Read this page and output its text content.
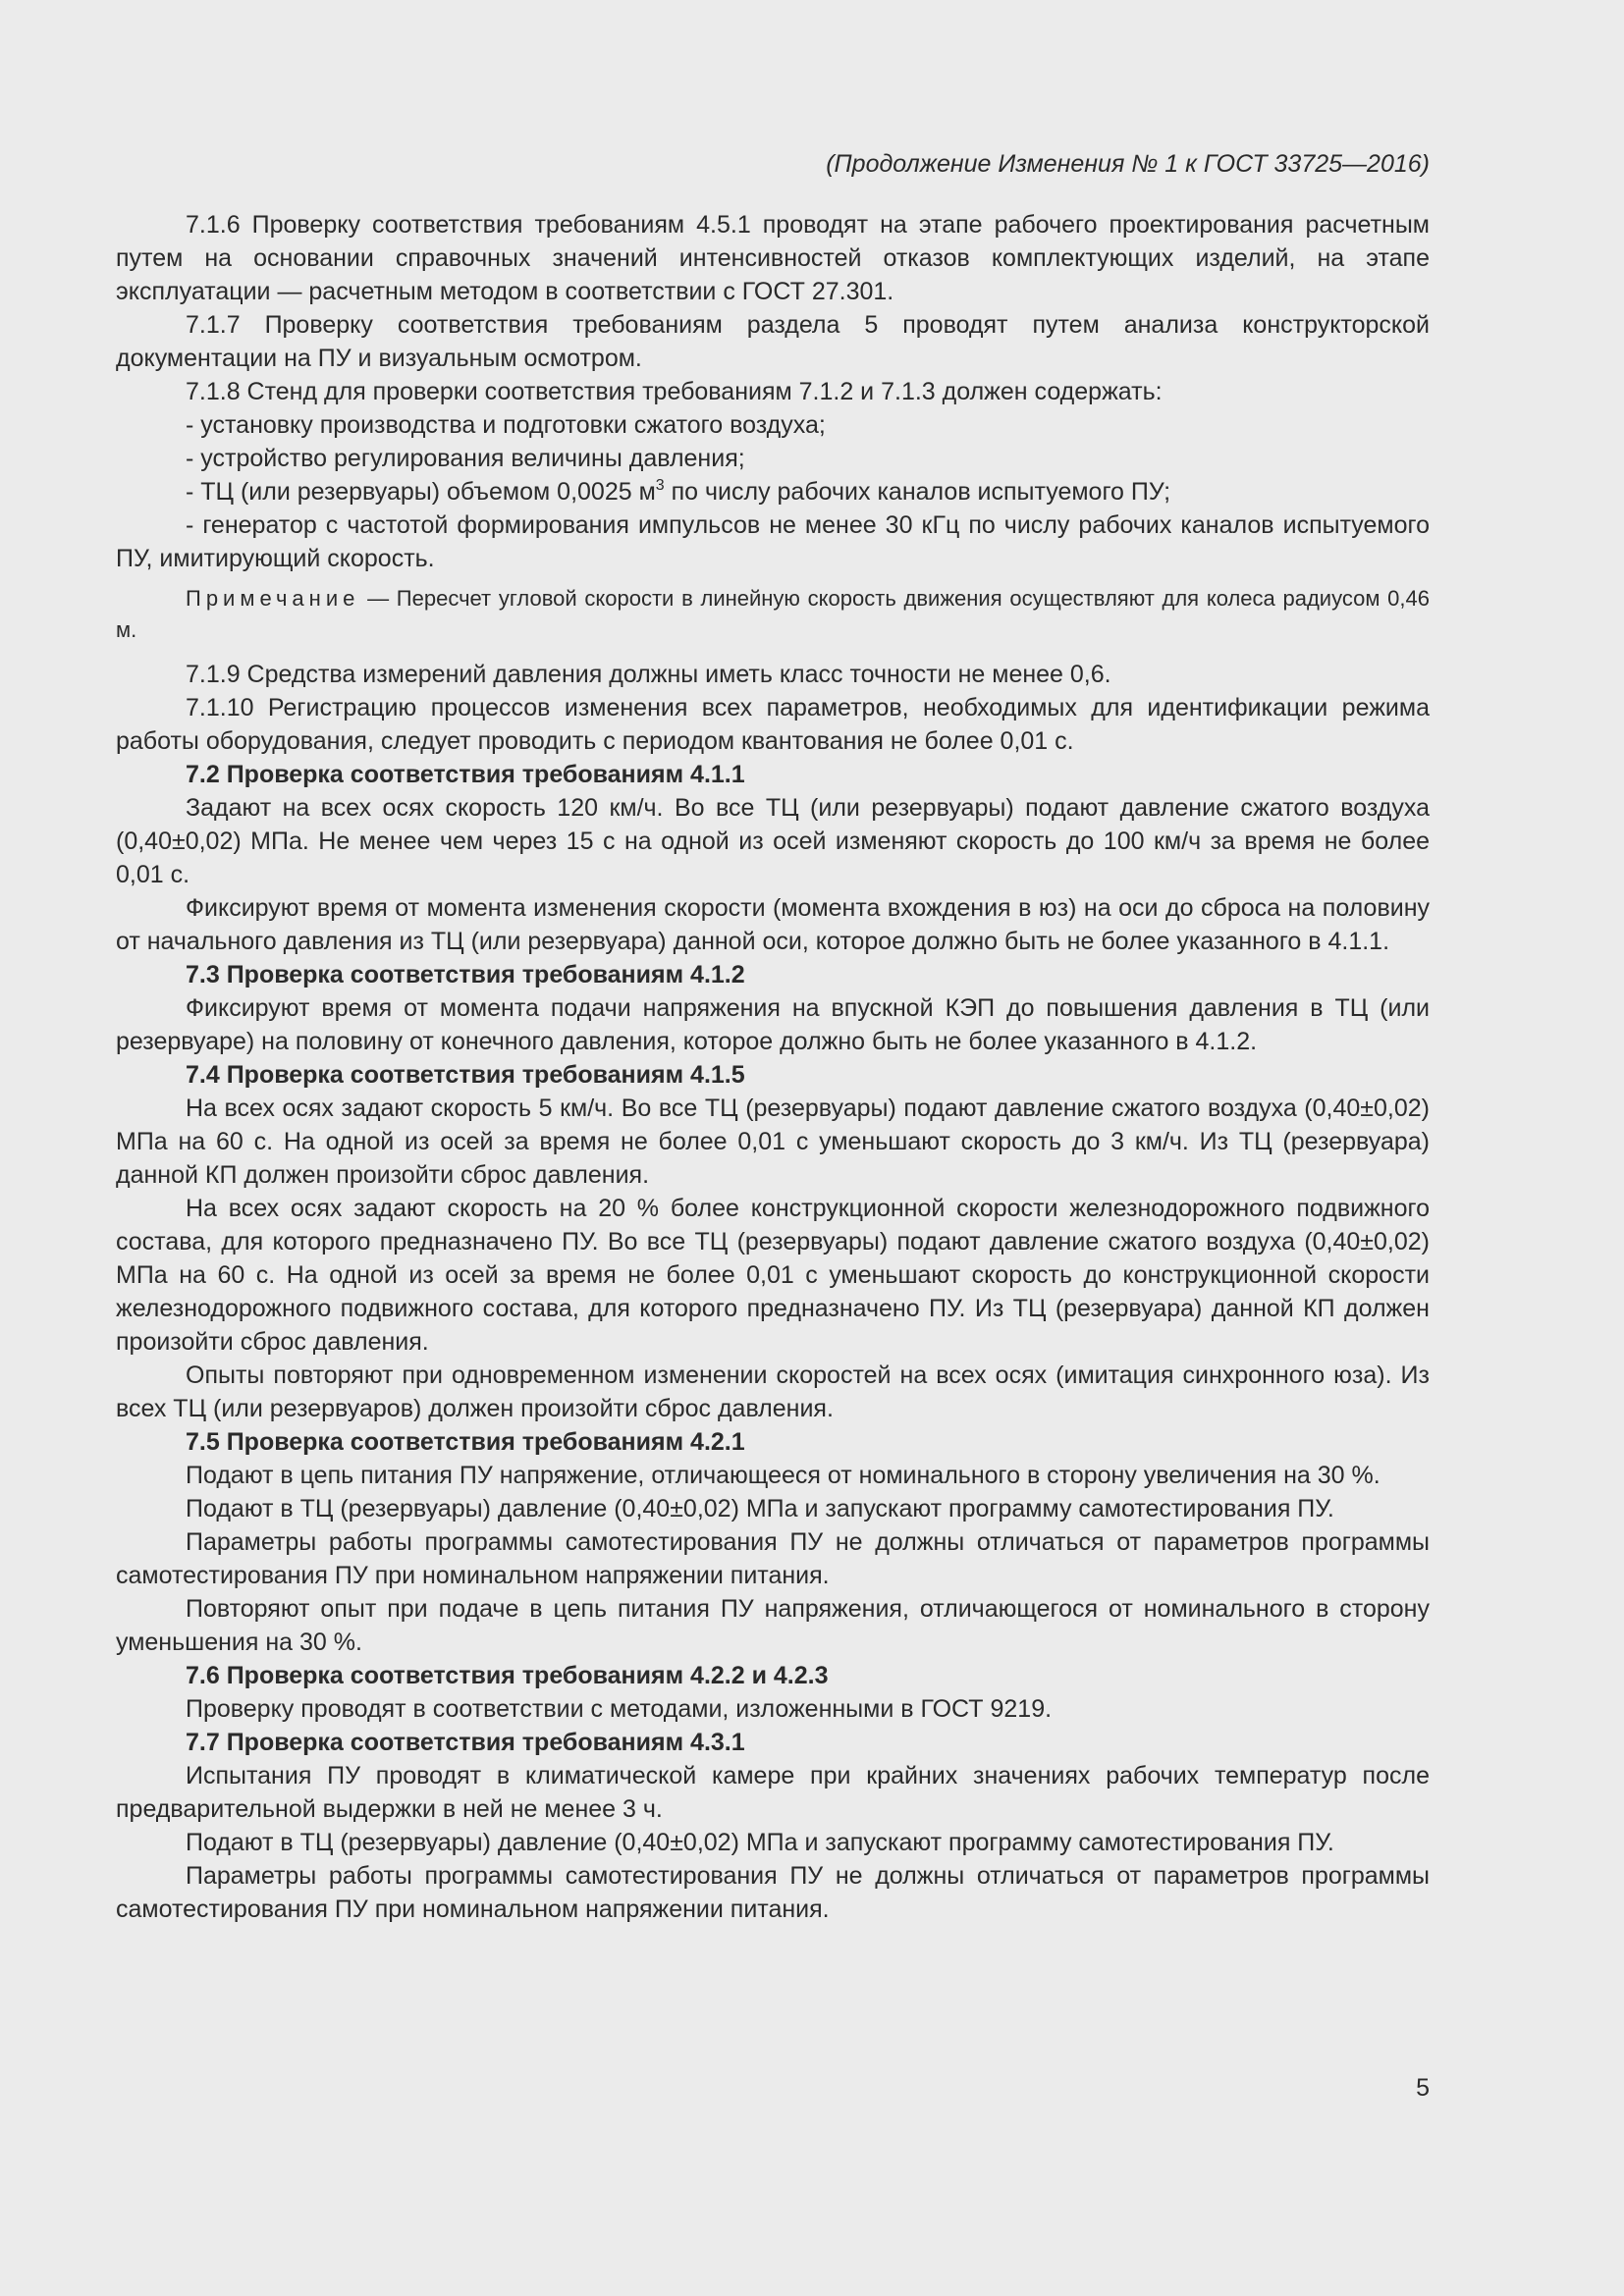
(Продолжение Изменения № 1 к ГОСТ 33725—2016)

7.1.6 Проверку соответствия требованиям 4.5.1 проводят на этапе рабочего проектирования расчетным путем на основании справочных значений интенсивностей отказов комплектующих изделий, на этапе эксплуатации — расчетным методом в соответствии с ГОСТ 27.301.

7.1.7 Проверку соответствия требованиям раздела 5 проводят путем анализа конструкторской документации на ПУ и визуальным осмотром.

7.1.8 Стенд для проверки соответствия требованиям 7.1.2 и 7.1.3 должен содержать:

- установку производства и подготовки сжатого воздуха;

- устройство регулирования величины давления;

- ТЦ (или резервуары) объемом 0,0025 $м^3$ по числу рабочих каналов испытуемого ПУ;

- генератор с частотой формирования импульсов не менее 30 кГц по числу рабочих каналов испытуемого ПУ, имитирующий скорость.

Примечание — Пересчет угловой скорости в линейную скорость движения осуществляют для колеса радиусом 0,46 м.

7.1.9 Средства измерений давления должны иметь класс точности не менее 0,6.

7.1.10 Регистрацию процессов изменения всех параметров, необходимых для идентификации режима работы оборудования, следует проводить с периодом квантования не более 0,01 с.

7.2 Проверка соответствия требованиям 4.1.1

Задают на всех осях скорость 120 км/ч. Во все ТЦ (или резервуары) подают давление сжатого воздуха (0,40±0,02) МПа. Не менее чем через 15 с на одной из осей изменяют скорость до 100 км/ч за время не более 0,01 с.

Фиксируют время от момента изменения скорости (момента вхождения в юз) на оси до сброса на половину от начального давления из ТЦ (или резервуара) данной оси, которое должно быть не более указанного в 4.1.1.

7.3 Проверка соответствия требованиям 4.1.2

Фиксируют время от момента подачи напряжения на впускной КЭП до повышения давления в ТЦ (или резервуаре) на половину от конечного давления, которое должно быть не более указанного в 4.1.2.

7.4 Проверка соответствия требованиям 4.1.5

На всех осях задают скорость 5 км/ч. Во все ТЦ (резервуары) подают давление сжатого воздуха (0,40±0,02) МПа на 60 с. На одной из осей за время не более 0,01 с уменьшают скорость до 3 км/ч. Из ТЦ (резервуара) данной КП должен произойти сброс давления.

На всех осях задают скорость на 20 % более конструкционной скорости железнодорожного подвижного состава, для которого предназначено ПУ. Во все ТЦ (резервуары) подают давление сжатого воздуха (0,40±0,02) МПа на 60 с. На одной из осей за время не более 0,01 с уменьшают скорость до конструкционной скорости железнодорожного подвижного состава, для которого предназначено ПУ. Из ТЦ (резервуара) данной КП должен произойти сброс давления.

Опыты повторяют при одновременном изменении скоростей на всех осях (имитация синхронного юза). Из всех ТЦ (или резервуаров) должен произойти сброс давления.

7.5 Проверка соответствия требованиям 4.2.1

Подают в цепь питания ПУ напряжение, отличающееся от номинального в сторону увеличения на 30 %.

Подают в ТЦ (резервуары) давление (0,40±0,02) МПа и запускают программу самотестирования ПУ.

Параметры работы программы самотестирования ПУ не должны отличаться от параметров программы самотестирования ПУ при номинальном напряжении питания.

Повторяют опыт при подаче в цепь питания ПУ напряжения, отличающегося от номинального в сторону уменьшения на 30 %.

7.6 Проверка соответствия требованиям 4.2.2 и 4.2.3

Проверку проводят в соответствии с методами, изложенными в ГОСТ 9219.

7.7 Проверка соответствия требованиям 4.3.1

Испытания ПУ проводят в климатической камере при крайних значениях рабочих температур после предварительной выдержки в ней не менее 3 ч.

Подают в ТЦ (резервуары) давление (0,40±0,02) МПа и запускают программу самотестирования ПУ.

Параметры работы программы самотестирования ПУ не должны отличаться от параметров программы самотестирования ПУ при номинальном напряжении питания.

5
